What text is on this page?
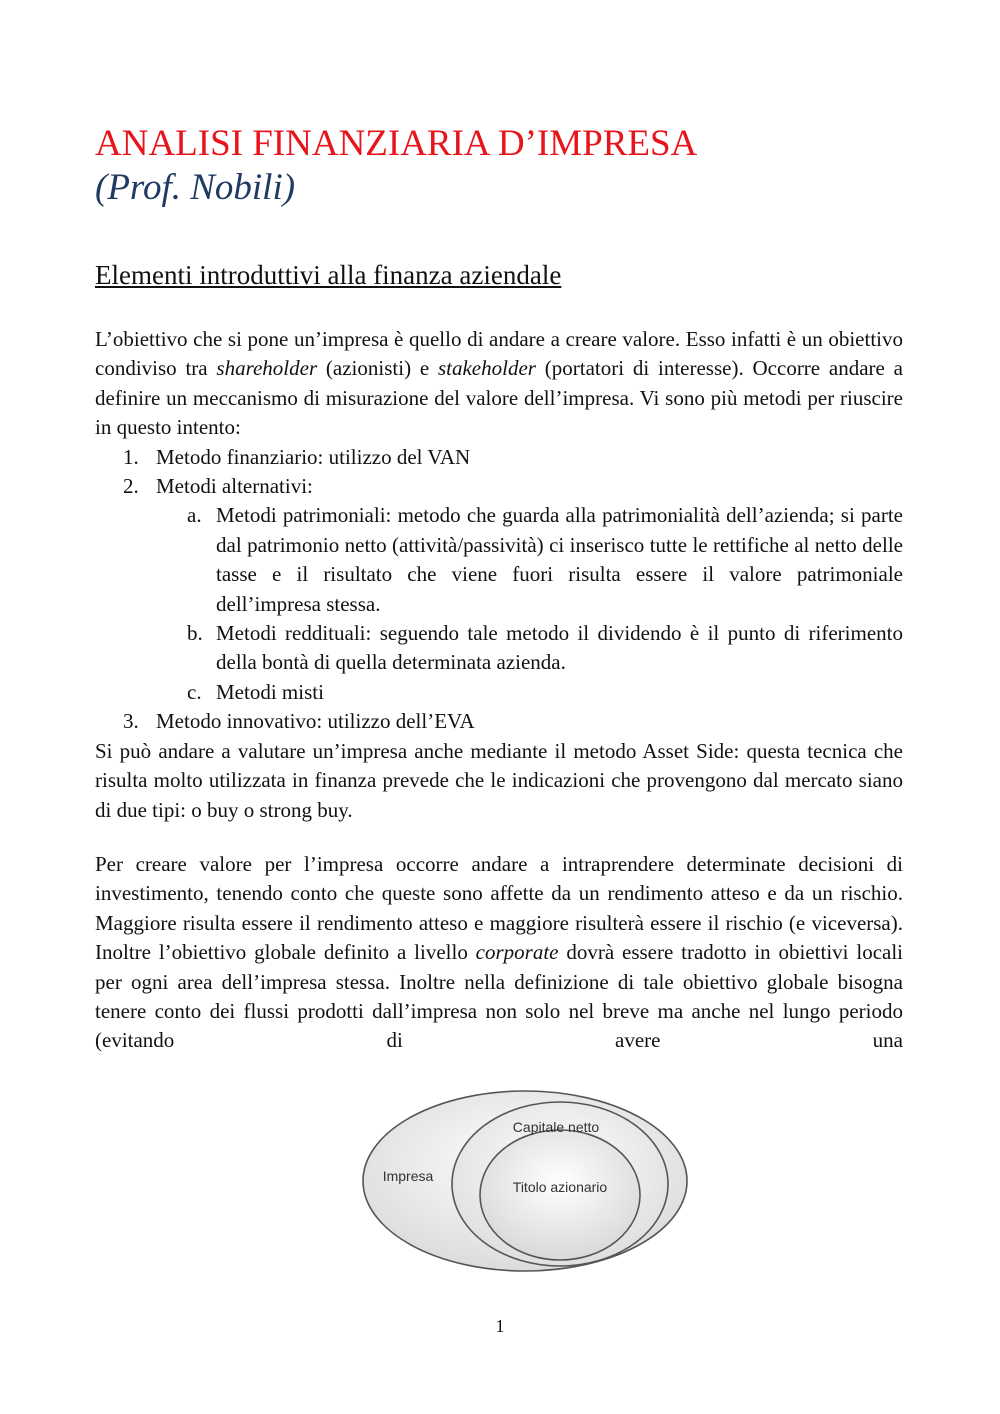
ANALISI FINANZIARIA D’IMPRESA
(Prof. Nobili)
Elementi introduttivi alla finanza aziendale

L’obiettivo che si pone un’impresa è quello di andare a creare valore. Esso infatti è un obiettivo condiviso tra shareholder (azionisti) e stakeholder (portatori di interesse). Occorre andare a definire un meccanismo di misurazione del valore dell’impresa. Vi sono più metodi per riuscire in questo intento:

1. Metodo finanziario: utilizzo del VAN
2. Metodi alternativi:
a. Metodi patrimoniali: metodo che guarda alla patrimonialità dell’azienda; si parte dal patrimonio netto (attività/passività) ci inserisco tutte le rettifiche al netto delle tasse e il risultato che viene fuori risulta essere il valore patrimoniale dell’impresa stessa.
b. Metodi reddituali: seguendo tale metodo il dividendo è il punto di riferimento della bontà di quella determinata azienda.
c. Metodi misti
3. Metodo innovativo: utilizzo dell’EVA

Si può andare a valutare un’impresa anche mediante il metodo Asset Side: questa tecnica che risulta molto utilizzata in finanza prevede che le indicazioni che provengono dal mercato siano di due tipi: o buy o strong buy.

Per creare valore per l’impresa occorre andare a intraprendere determinate decisioni di investimento, tenendo conto che queste sono affette da un rendimento atteso e da un rischio. Maggiore risulta essere il rendimento atteso e maggiore risulterà essere il rischio (e viceversa). Inoltre l’obiettivo globale definito a livello corporate dovrà essere tradotto in obiettivi locali per ogni area dell’impresa stessa. Inoltre nella definizione di tale obiettivo globale bisogna tenere conto dei flussi prodotti dall’impresa non solo nel breve ma anche nel lungo periodo (evitando di avere una

Impresa
Capitale netto
Titolo azionario
1
